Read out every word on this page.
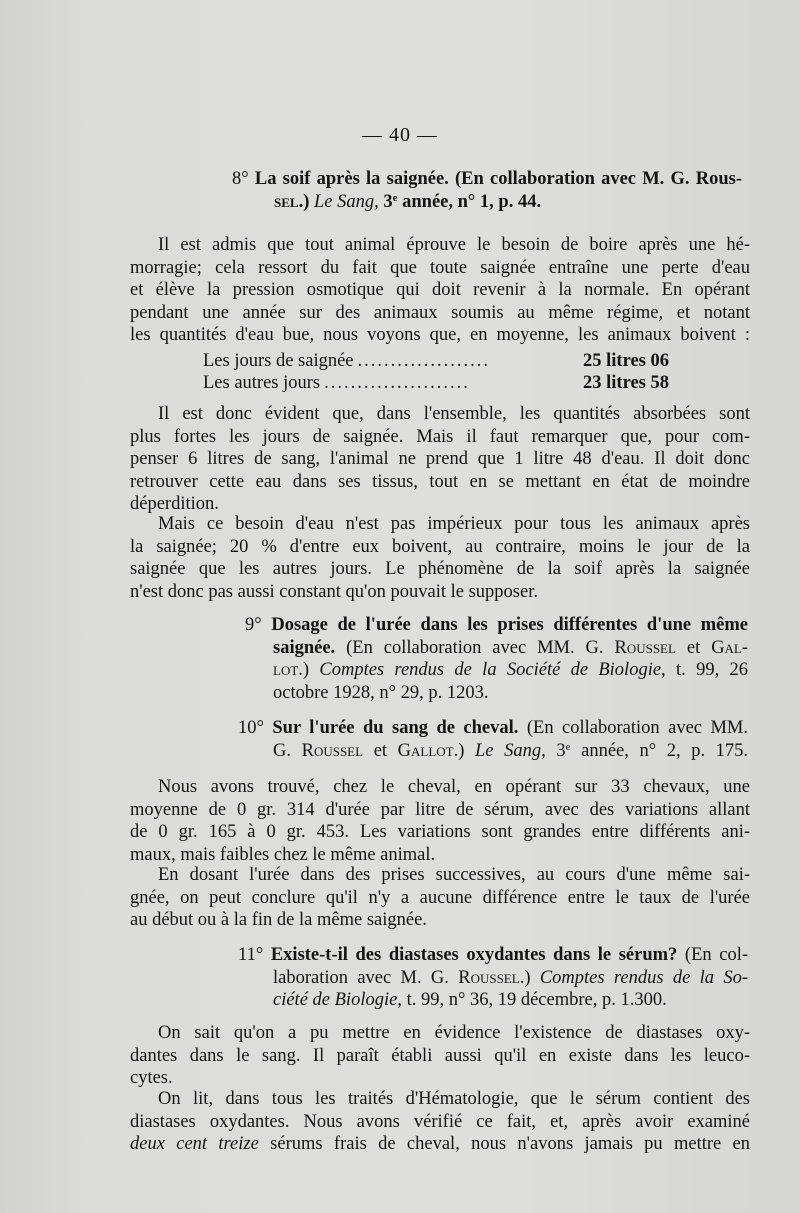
— 40 —
8° La soif après la saignée. (En collaboration avec M. G. Rous-
sel.) Le Sang, 3e année, n° 1, p. 44.
Il est admis que tout animal éprouve le besoin de boire après une hé-
morragie; cela ressort du fait que toute saignée entraîne une perte d'eau
et élève la pression osmotique qui doit revenir à la normale. En opérant
pendant une année sur des animaux soumis au même régime, et notant
les quantités d'eau bue, nous voyons que, en moyenne, les animaux boivent :
Les jours de saignée ....................	25 litres 06
Les autres jours ......................	23 litres 58
Il est donc évident que, dans l'ensemble, les quantités absorbées sont
plus fortes les jours de saignée. Mais il faut remarquer que, pour com-
penser 6 litres de sang, l'animal ne prend que 1 litre 48 d'eau. Il doit donc
retrouver cette eau dans ses tissus, tout en se mettant en état de moindre
déperdition.
Mais ce besoin d'eau n'est pas impérieux pour tous les animaux après
la saignée; 20 % d'entre eux boivent, au contraire, moins le jour de la
saignée que les autres jours. Le phénomène de la soif après la saignée
n'est donc pas aussi constant qu'on pouvait le supposer.
9° Dosage de l'urée dans les prises différentes d'une même
saignée. (En collaboration avec MM. G. Roussel et Gal-
lot.) Comptes rendus de la Société de Biologie, t. 99, 26
octobre 1928, n° 29, p. 1203.
10° Sur l'urée du sang de cheval. (En collaboration avec MM.
G. Roussel et Gallot.) Le Sang, 3e année, n° 2, p. 175.
Nous avons trouvé, chez le cheval, en opérant sur 33 chevaux, une
moyenne de 0 gr. 314 d'urée par litre de sérum, avec des variations allant
de 0 gr. 165 à 0 gr. 453. Les variations sont grandes entre différents ani-
maux, mais faibles chez le même animal.
En dosant l'urée dans des prises successives, au cours d'une même sai-
gnée, on peut conclure qu'il n'y a aucune différence entre le taux de l'urée
au début ou à la fin de la même saignée.
11° Existe-t-il des diastases oxydantes dans le sérum? (En col-
laboration avec M. G. Roussel.) Comptes rendus de la So-
ciété de Biologie, t. 99, n° 36, 19 décembre, p. 1.300.
On sait qu'on a pu mettre en évidence l'existence de diastases oxy-
dantes dans le sang. Il paraît établi aussi qu'il en existe dans les leuco-
cytes.
On lit, dans tous les traités d'Hématologie, que le sérum contient des
diastases oxydantes. Nous avons vérifié ce fait, et, après avoir examiné
deux cent treize sérums frais de cheval, nous n'avons jamais pu mettre en
